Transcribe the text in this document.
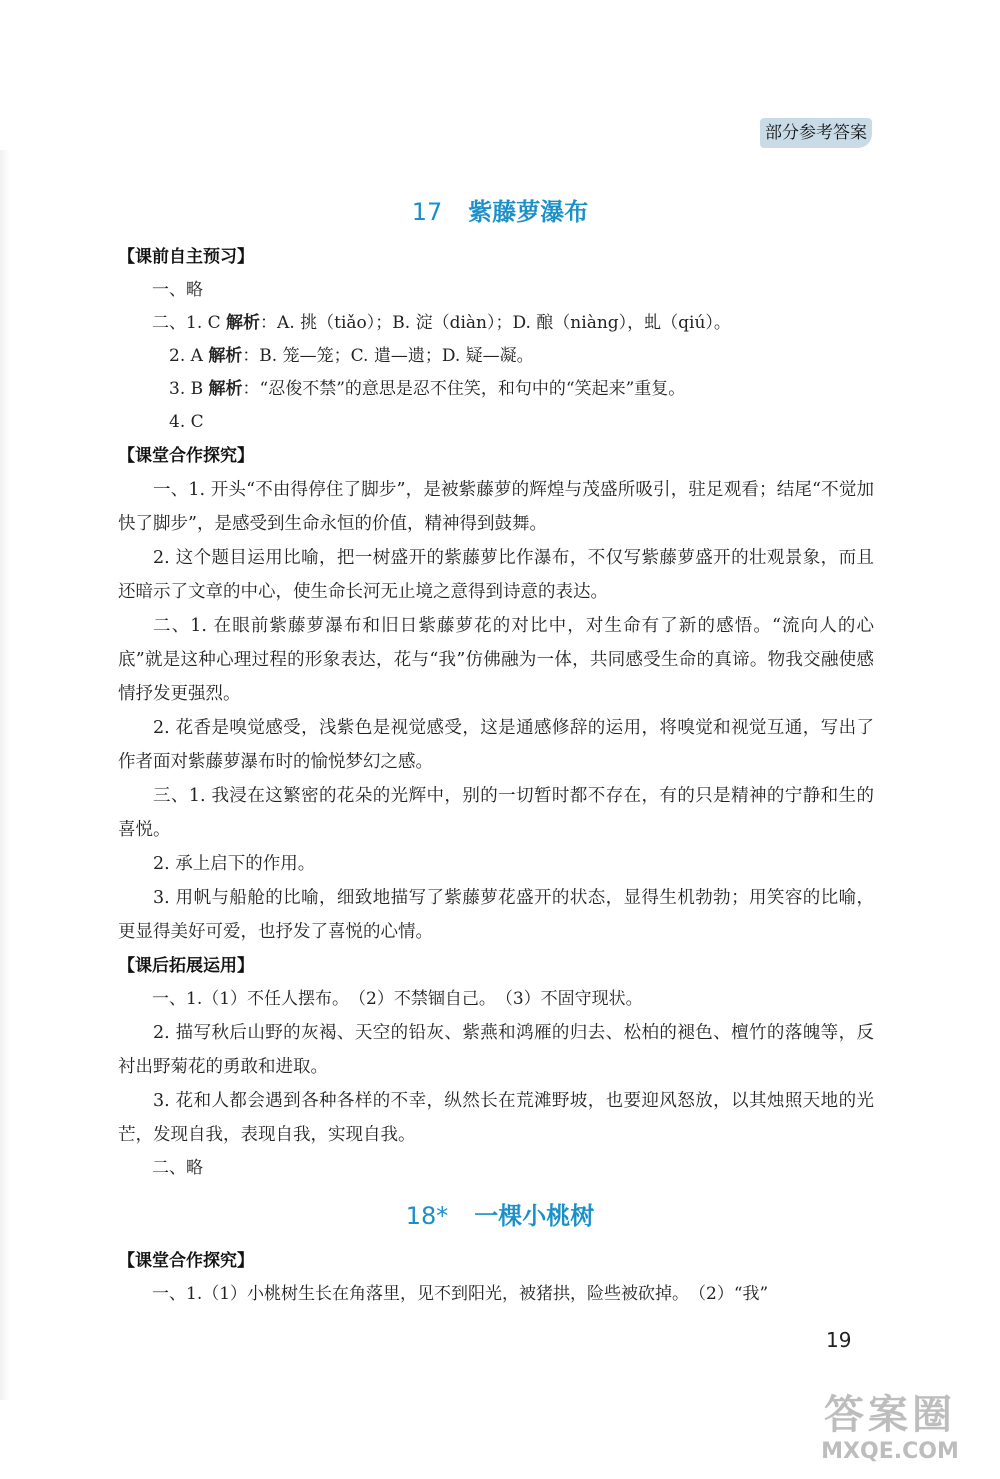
部分参考答案
17 紫藤萝瀑布

【课前自主预习】

一、略

二、1. C 解析：A. 挑（tiǎo）；B. 淀（diàn）；D. 酿（niàng），虬（qiú）。

2. A 解析：B. 笼—笼；C. 遣—遗；D. 疑—凝。

3. B 解析：“忍俊不禁”的意思是忍不住笑，和句中的“笑起来”重复。

4. C

【课堂合作探究】

一、1. 开头“不由得停住了脚步”，是被紫藤萝的辉煌与茂盛所吸引，驻足观看；结尾“不觉加快了脚步”，是感受到生命永恒的价值，精神得到鼓舞。

2. 这个题目运用比喻，把一树盛开的紫藤萝比作瀑布，不仅写紫藤萝盛开的壮观景象，而且还暗示了文章的中心，使生命长河无止境之意得到诗意的表达。

二、1. 在眼前紫藤萝瀑布和旧日紫藤萝花的对比中，对生命有了新的感悟。“流向人的心底”就是这种心理过程的形象表达，花与“我”仿佛融为一体，共同感受生命的真谛。物我交融使感情抒发更强烈。

2. 花香是嗅觉感受，浅紫色是视觉感受，这是通感修辞的运用，将嗅觉和视觉互通，写出了作者面对紫藤萝瀑布时的愉悦梦幻之感。

三、1. 我浸在这繁密的花朵的光辉中，别的一切暂时都不存在，有的只是精神的宁静和生的喜悦。

2. 承上启下的作用。

3. 用帆与船舱的比喻，细致地描写了紫藤萝花盛开的状态，显得生机勃勃；用笑容的比喻，更显得美好可爱，也抒发了喜悦的心情。

【课后拓展运用】

一、1.（1）不任人摆布。　（2）不禁锢自己。　（3）不固守现状。

2. 描写秋后山野的灰褐、天空的铅灰、紫燕和鸿雁的归去、松柏的褪色、檀竹的落魄等，反衬出野菊花的勇敢和进取。

3. 花和人都会遇到各种各样的不幸，纵然长在荒滩野坡，也要迎风怒放，以其烛照天地的光芒，发现自我，表现自我，实现自我。

二、略

18* 一棵小桃树

【课堂合作探究】

一、1.（1）小桃树生长在角落里，见不到阳光，被猪拱，险些被砍掉。　（2）“我”

19
答案圈
MXQE.COM
